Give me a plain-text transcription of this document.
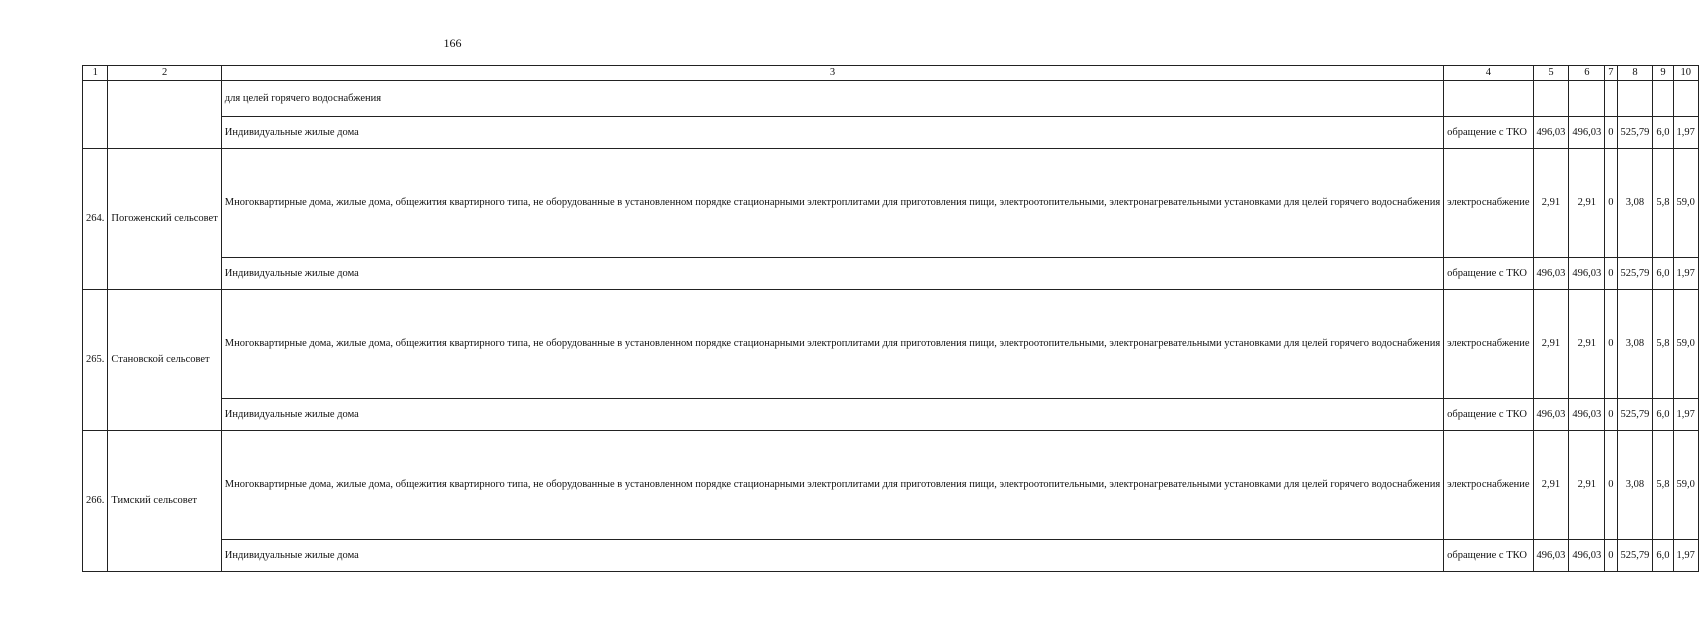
166
1	2	3	4	5	6	7	8	9	10
		для целей горячего водоснабжения							
		Индивидуальные жилые дома	обращение с ТКО	496,03	496,03	0	525,79	6,0	1,97
264.	Погоженский сельсовет	Многоквартирные дома, жилые дома, общежития квартирного типа, не оборудованные в установленном порядке стационарными электроплитами для приготовления пищи, электроотопительными, электронагревательными установками для целей горячего водоснабжения	электроснабжение	2,91	2,91	0	3,08	5,8	59,0
		Индивидуальные жилые дома	обращение с ТКО	496,03	496,03	0	525,79	6,0	1,97
265.	Становской сельсовет	Многоквартирные дома, жилые дома, общежития квартирного типа, не оборудованные в установленном порядке стационарными электроплитами для приготовления пищи, электроотопительными, электронагревательными установками для целей горячего водоснабжения	электроснабжение	2,91	2,91	0	3,08	5,8	59,0
		Индивидуальные жилые дома	обращение с ТКО	496,03	496,03	0	525,79	6,0	1,97
266.	Тимский сельсовет	Многоквартирные дома, жилые дома, общежития квартирного типа, не оборудованные в установленном порядке стационарными электроплитами для приготовления пищи, электроотопительными, электронагревательными установками для целей горячего водоснабжения	электроснабжение	2,91	2,91	0	3,08	5,8	59,0
		Индивидуальные жилые дома	обращение с ТКО	496,03	496,03	0	525,79	6,0	1,97
